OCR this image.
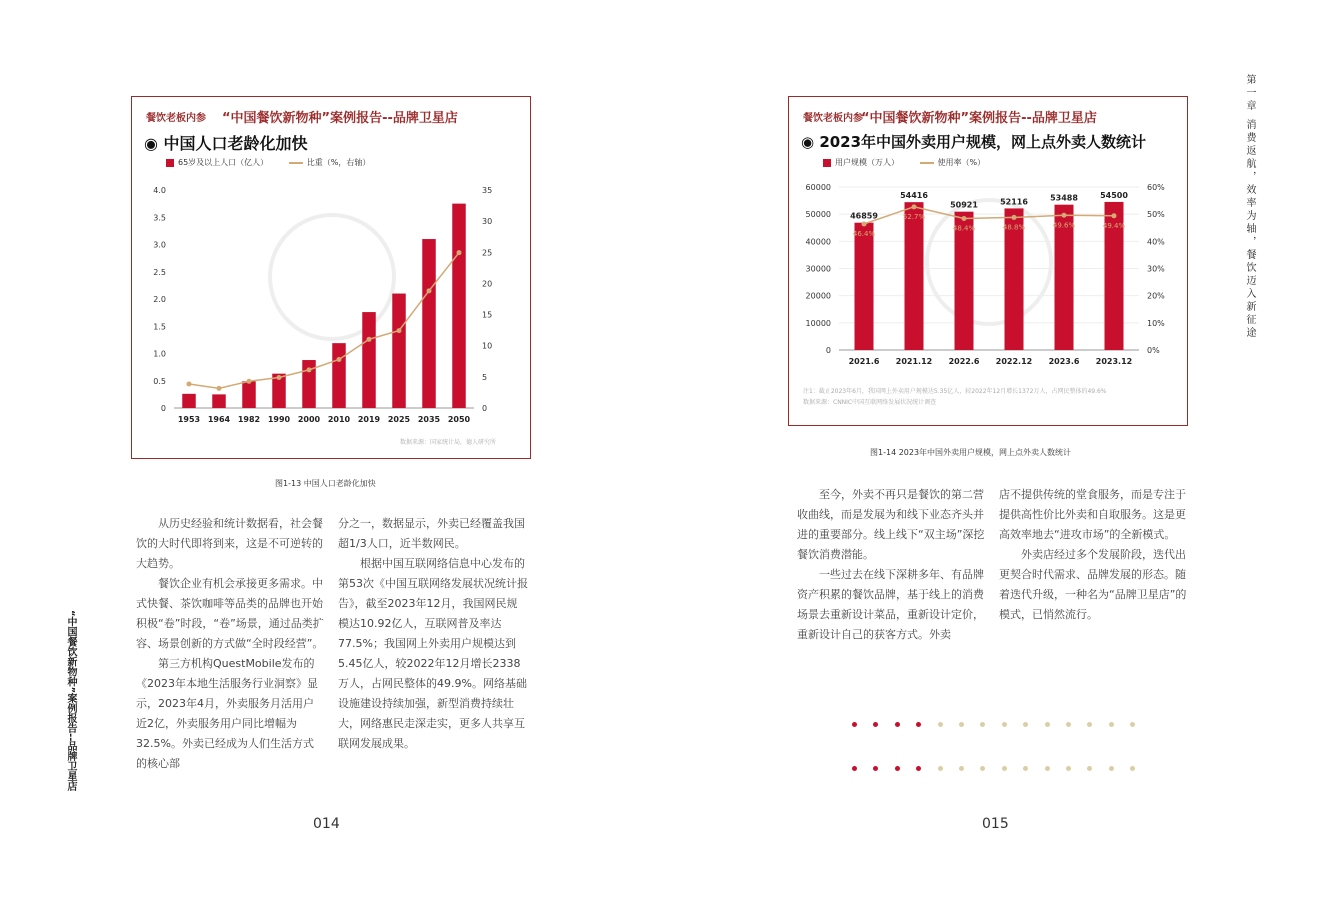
餐饮老板内参 “中国餐饮新物种”案例报告--品牌卫星店
◉ 中国人口老龄化加快
65岁及以上人口（亿人）	比重（%，右轴）
0
0.5
1.0
1.5
2.0
2.5
3.0
3.5
4.0
0
5
10
15
20
25
30
35
1953 1964 1982 1990 2000 2010 2019 2025 2035 2050
数据来源：国家统计局，德人研究所
图1-13 中国人口老龄化加快
餐饮老板内参
“中国餐饮新物种”案例报告--品牌卫星店
◉ 2023年中国外卖用户规模，网上点外卖人数统计
用户规模（万人）	使用率（%）
0
10000
20000
30000
40000
50000
60000
0%
10%
20%
30%
40%
50%
60%
2021.6
46859
2021.12
54416
2022.6
50921
2022.12
52116
2023.6
53488
2023.12
54500
46.4%
52.7%
48.4%	48.8%	49.6%	49.4%
注1：截止2023年6月，我国网上外卖用户规模达5.35亿人，较2022年12月增长1372万人，占网民整体的49.6%
数据来源：CNNIC中国互联网络发展状况统计调查
图1-14 2023年中国外卖用户规模，网上点外卖人数统计

从历史经验和统计数据看，社会餐饮的大时代即将到来，这是不可逆转的大趋势。

餐饮企业有机会承接更多需求。中式快餐、茶饮咖啡等品类的品牌也开始积极“卷”时段，“卷”场景，通过品类扩容、场景创新的方式做“全时段经营”。

第三方机构QuestMobile发布的《2023年本地生活服务行业洞察》显示，2023年4月，外卖服务月活用户近2亿，外卖服务用户同比增幅为32.5%。外卖已经成为人们生活方式的核心部

分之一，数据显示，外卖已经覆盖我国超1/3人口，近半数网民。

根据中国互联网络信息中心发布的第53次《中国互联网络发展状况统计报告》，截至2023年12月，我国网民规模达10.92亿人，互联网普及率达77.5%；我国网上外卖用户规模达到5.45亿人，较2022年12月增长2338万人，占网民整体的49.9%。网络基础设施建设持续加强，新型消费持续壮大，网络惠民走深走实，更多人共享互联网发展成果。

014
“中国餐饮新物种”案例报告--品牌卫星店

至今，外卖不再只是餐饮的第二营收曲线，而是发展为和线下业态齐头并进的重要部分。线上线下“双主场”深挖餐饮消费潜能。

一些过去在线下深耕多年、有品牌资产积累的餐饮品牌，基于线上的消费场景去重新设计菜品，重新设计定价，重新设计自己的获客方式。外卖

店不提供传统的堂食服务，而是专注于提供高性价比外卖和自取服务。这是更高效率地去“进攻市场”的全新模式。

外卖店经过多个发展阶段，迭代出更契合时代需求、品牌发展的形态。随着迭代升级，一种名为“品牌卫星店”的模式，已悄然流行。

015
第一章 消费返航，效率为轴，餐饮迈入新征途
